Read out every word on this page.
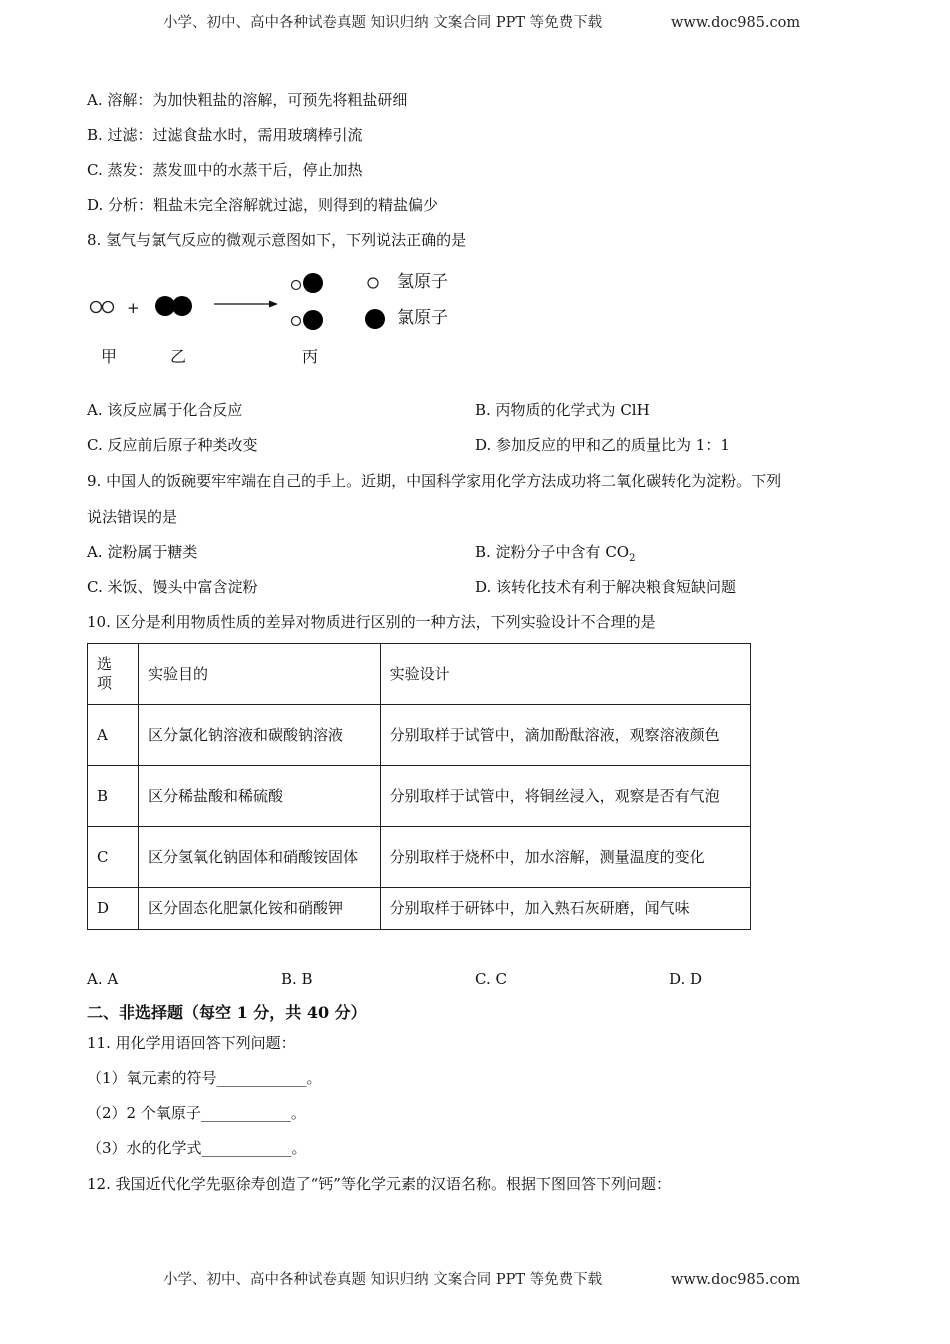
小学、初中、高中各种试卷真题 知识归纳 文案合同 PPT 等免费下载	www.doc985.com
A. 溶解：为加快粗盐的溶解，可预先将粗盐研细
B. 过滤：过滤食盐水时，需用玻璃棒引流
C. 蒸发：蒸发皿中的水蒸干后，停止加热
D. 分析：粗盐未完全溶解就过滤，则得到的精盐偏少
8. 氢气与氯气反应的微观示意图如下，下列说法正确的是
+
氢原子
氯原子
甲	乙	丙
A. 该反应属于化合反应	B. 丙物质的化学式为 ClH
C. 反应前后原子种类改变	D. 参加反应的甲和乙的质量比为 1：1
9. 中国人的饭碗要牢牢端在自己的手上。近期，中国科学家用化学方法成功将二氧化碳转化为淀粉。下列
说法错误的是
A. 淀粉属于糖类	B. 淀粉分子中含有 $CO_2$
C. 米饭、馒头中富含淀粉	D. 该转化技术有利于解决粮食短缺问题
10. 区分是利用物质性质的差异对物质进行区别的一种方法，下列实验设计不合理的是
选项	实验目的	实验设计
A	区分氯化钠溶液和碳酸钠溶液	分别取样于试管中，滴加酚酞溶液，观察溶液颜色
B	区分稀盐酸和稀硫酸	分别取样于试管中，将铜丝浸入，观察是否有气泡
C	区分氢氧化钠固体和硝酸铵固体	分别取样于烧杯中，加水溶解，测量温度的变化
D	区分固态化肥氯化铵和硝酸钾	分别取样于研钵中，加入熟石灰研磨，闻气味
A. A	B. B	C. C	D. D
二、非选择题（每空 1 分，共 40 分）
11. 用化学用语回答下列问题：
（1）氧元素的符号____________。
（2）2 个氧原子____________。
（3）水的化学式____________。
12. 我国近代化学先驱徐寿创造了“钙”等化学元素的汉语名称。根据下图回答下列问题：
小学、初中、高中各种试卷真题 知识归纳 文案合同 PPT 等免费下载	www.doc985.com
